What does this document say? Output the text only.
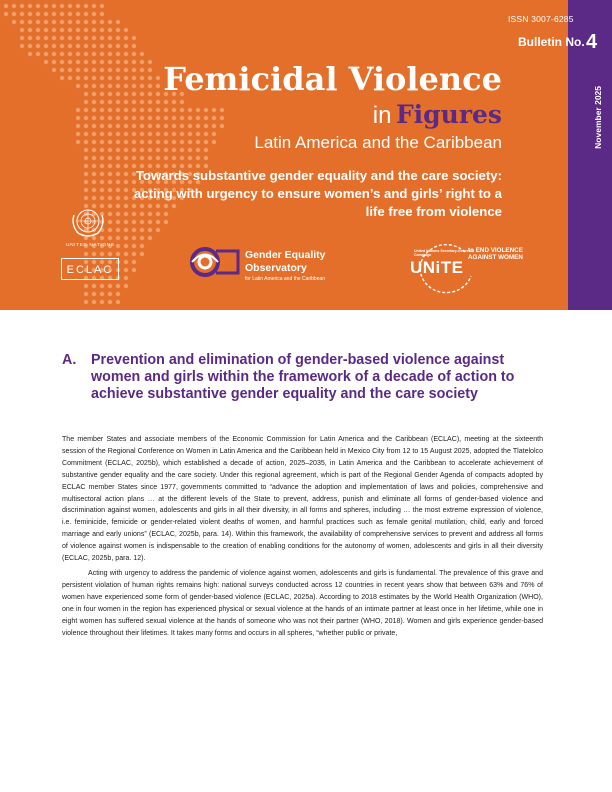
ISSN 3007-6285
Bulletin No. 4
November 2025
Femicidal Violence
in Figures
Latin America and the Caribbean
Towards substantive gender equality and the care society: acting with urgency to ensure women’s and girls’ right to a life free from violence
UNITED NATIONS
ECLAC
Gender Equality
Observatory
for Latin America and the Caribbean
United Nations Secretary-General’s Campaign
UNiTE
to END VIOLENCE AGAINST WOMEN
A. Prevention and elimination of gender-based violence against women and girls within the framework of a decade of action to achieve substantive gender equality and the care society

The member States and associate members of the Economic Commission for Latin America and the Caribbean (ECLAC), meeting at the sixteenth session of the Regional Conference on Women in Latin America and the Caribbean held in Mexico City from 12 to 15 August 2025, adopted the Tlatelolco Commitment (ECLAC, 2025b), which established a decade of action, 2025–2035, in Latin America and the Caribbean to accelerate achievement of substantive gender equality and the care society. Under this regional agreement, which is part of the Regional Gender Agenda of compacts adopted by ECLAC member States since 1977, governments committed to “advance the adoption and implementation of laws and policies, comprehensive and multisectoral action plans … at the different levels of the State to prevent, address, punish and eliminate all forms of gender-based violence and discrimination against women, adolescents and girls in all their diversity, in all forms and spheres, including … the most extreme expression of violence, i.e. feminicide, femicide or gender-related violent deaths of women, and harmful practices such as female genital mutilation, child, early and forced marriage and early unions” (ECLAC, 2025b, para. 14). Within this framework, the availability of comprehensive services to prevent and address all forms of violence against women is indispensable to the creation of enabling conditions for the autonomy of women, adolescents and girls in all their diversity (ECLAC, 2025b, para. 12).

Acting with urgency to address the pandemic of violence against women, adolescents and girls is fundamental. The prevalence of this grave and persistent violation of human rights remains high: national surveys conducted across 12 countries in recent years show that between 63% and 76% of women have experienced some form of gender-based violence (ECLAC, 2025a). According to 2018 estimates by the World Health Organization (WHO), one in four women in the region has experienced physical or sexual violence at the hands of an intimate partner at least once in her lifetime, while one in eight women has suffered sexual violence at the hands of someone who was not their partner (WHO, 2018). Women and girls experience gender-based violence throughout their lifetimes. It takes many forms and occurs in all spheres, “whether public or private,
